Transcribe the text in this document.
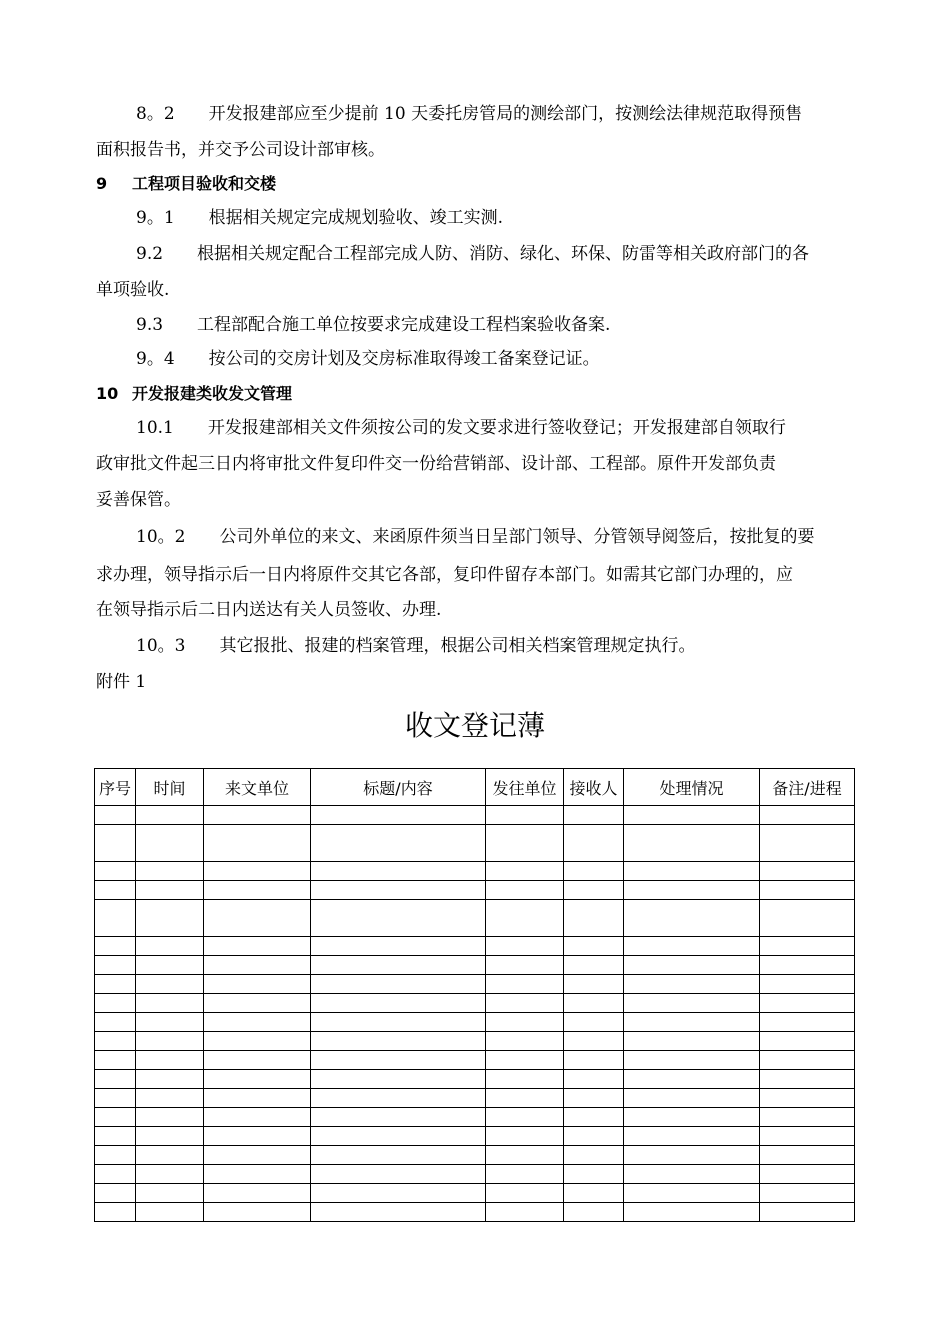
8。2　　开发报建部应至少提前 10 天委托房管局的测绘部门，按测绘法律规范取得预售
面积报告书，并交予公司设计部审核。
9 工程项目验收和交楼
9。1　　根据相关规定完成规划验收、竣工实测.
9.2　　根据相关规定配合工程部完成人防、消防、绿化、环保、防雷等相关政府部门的各
单项验收.
9.3　　工程部配合施工单位按要求完成建设工程档案验收备案.
9。4　　按公司的交房计划及交房标准取得竣工备案登记证。
10 开发报建类收发文管理
10.1　　开发报建部相关文件须按公司的发文要求进行签收登记；开发报建部自领取行
政审批文件起三日内将审批文件复印件交一份给营销部、设计部、工程部。原件开发部负责
妥善保管。
10。2　　公司外单位的来文、来函原件须当日呈部门领导、分管领导阅签后，按批复的要
求办理，领导指示后一日内将原件交其它各部，复印件留存本部门。如需其它部门办理的，应
在领导指示后二日内送达有关人员签收、办理.
10。3　　其它报批、报建的档案管理，根据公司相关档案管理规定执行。
附件 1
收文登记薄
序号	时间	来文单位	标题/内容	发往单位	接收人	处理情况	备注/进程
